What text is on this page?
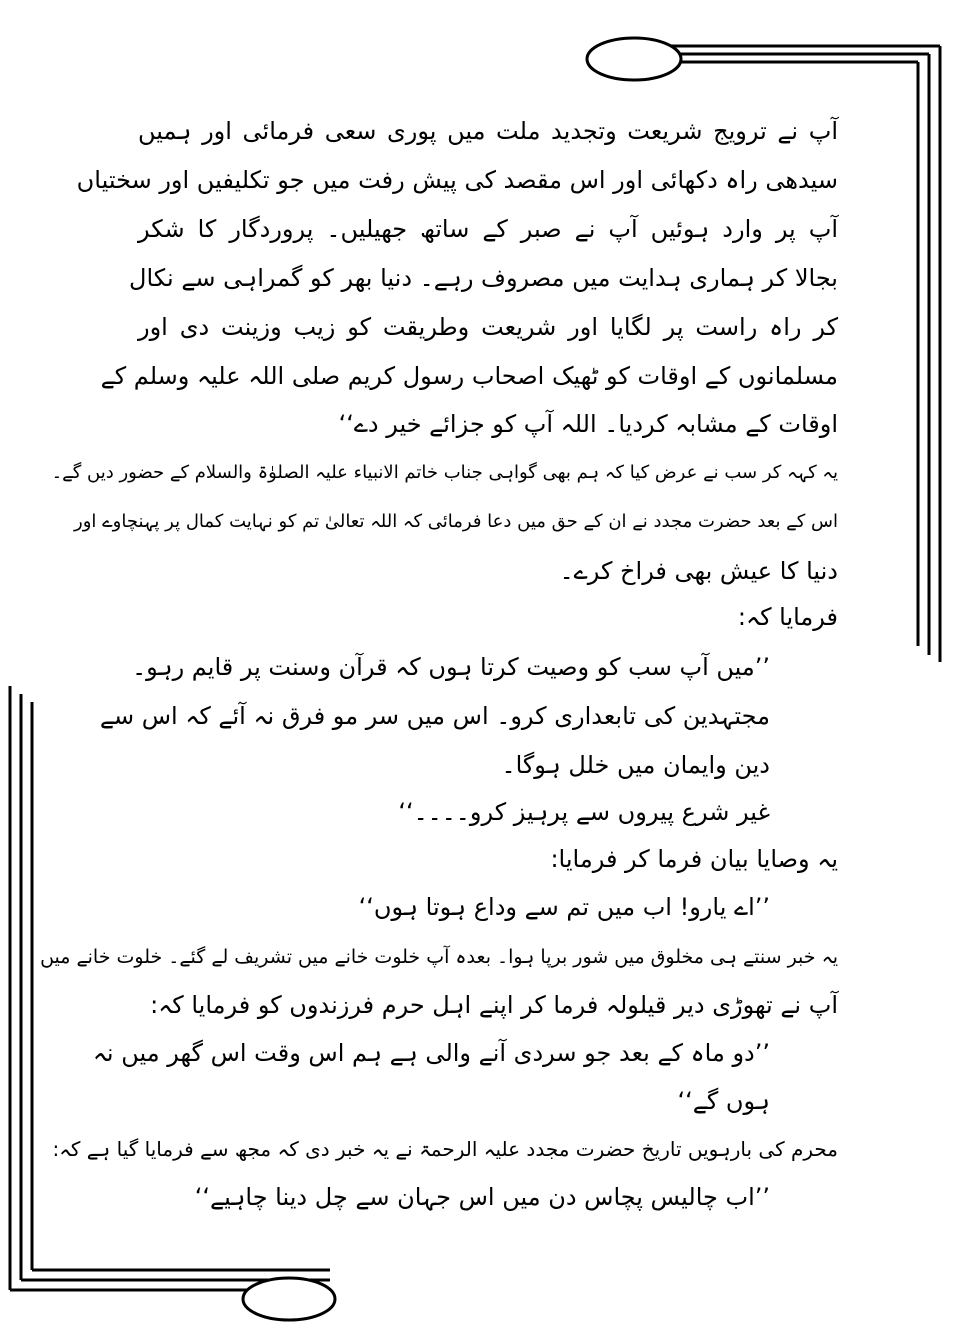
آپ نے ترویج شریعت وتجدید ملت میں پوری سعی فرمائی اور ہمیں

سیدھی راہ دکھائی اور اس مقصد کی پیش رفت میں جو تکلیفیں اور سختیاں

آپ پر وارد ہوئیں آپ نے صبر کے ساتھ جھیلیں۔ پروردگار کا شکر

بجالا کر ہماری ہدایت میں مصروف رہے۔ دنیا بھر کو گمراہی سے نکال

کر راہ راست پر لگایا اور شریعت وطریقت کو زیب وزینت دی اور

مسلمانوں کے اوقات کو ٹھیک اصحاب رسول کریم صلی اللہ علیہ وسلم کے

اوقات کے مشابہ کردیا۔ اللہ آپ کو جزائے خیر دے‘‘

یہ کہہ کر سب نے عرض کیا کہ ہم بھی گواہی جناب خاتم الانبیاء علیہ الصلوٰۃ والسلام کے حضور دیں گے۔

اس کے بعد حضرت مجدد نے ان کے حق میں دعا فرمائی کہ اللہ تعالیٰ تم کو نہایت کمال پر پہنچاوے اور

دنیا کا عیش بھی فراخ کرے۔

فرمایا کہ:

’’میں آپ سب کو وصیت کرتا ہوں کہ قرآن وسنت پر قایم رہو۔

مجتہدین کی تابعداری کرو۔ اس میں سر مو فرق نہ آئے کہ اس سے

دین وایمان میں خلل ہوگا۔

غیر شرع پیروں سے پرہیز کرو۔۔۔۔‘‘

یہ وصایا بیان فرما کر فرمایا:

’’اے یارو! اب میں تم سے وداع ہوتا ہوں‘‘

یہ خبر سنتے ہی مخلوق میں شور برپا ہوا۔ بعدہ آپ خلوت خانے میں تشریف لے گئے۔ خلوت خانے میں

آپ نے تھوڑی دیر قیلولہ فرما کر اپنے اہل حرم فرزندوں کو فرمایا کہ:

’’دو ماہ کے بعد جو سردی آنے والی ہے ہم اس وقت اس گھر میں نہ

ہوں گے‘‘

محرم کی بارہویں تاریخ حضرت مجدد علیہ الرحمۃ نے یہ خبر دی کہ مجھ سے فرمایا گیا ہے کہ:

’’اب چالیس پچاس دن میں اس جہان سے چل دینا چاہیے‘‘
